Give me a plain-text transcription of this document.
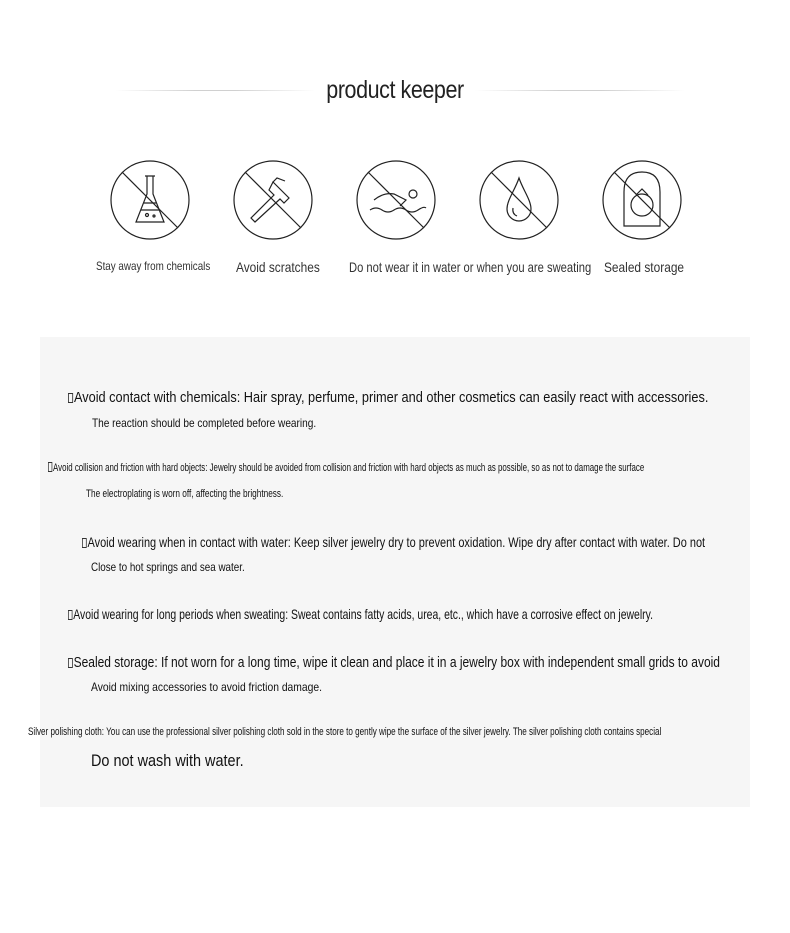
product keeper
Stay away from chemicals Avoid scratches Do not wear it in water or when you are sweating Sealed storage
Avoid contact with chemicals: Hair spray, perfume, primer and other cosmetics can easily react with accessories.
The reaction should be completed before wearing.
Avoid collision and friction with hard objects: Jewelry should be avoided from collision and friction with hard objects as much as possible, so as not to damage the surface
The electroplating is worn off, affecting the brightness.
Avoid wearing when in contact with water: Keep silver jewelry dry to prevent oxidation. Wipe dry after contact with water. Do not
Close to hot springs and sea water.
Avoid wearing for long periods when sweating: Sweat contains fatty acids, urea, etc., which have a corrosive effect on jewelry.
Sealed storage: If not worn for a long time, wipe it clean and place it in a jewelry box with independent small grids to avoid
Avoid mixing accessories to avoid friction damage.
Silver polishing cloth: You can use the professional silver polishing cloth sold in the store to gently wipe the surface of the silver jewelry. The silver polishing cloth contains special
Do not wash with water.
